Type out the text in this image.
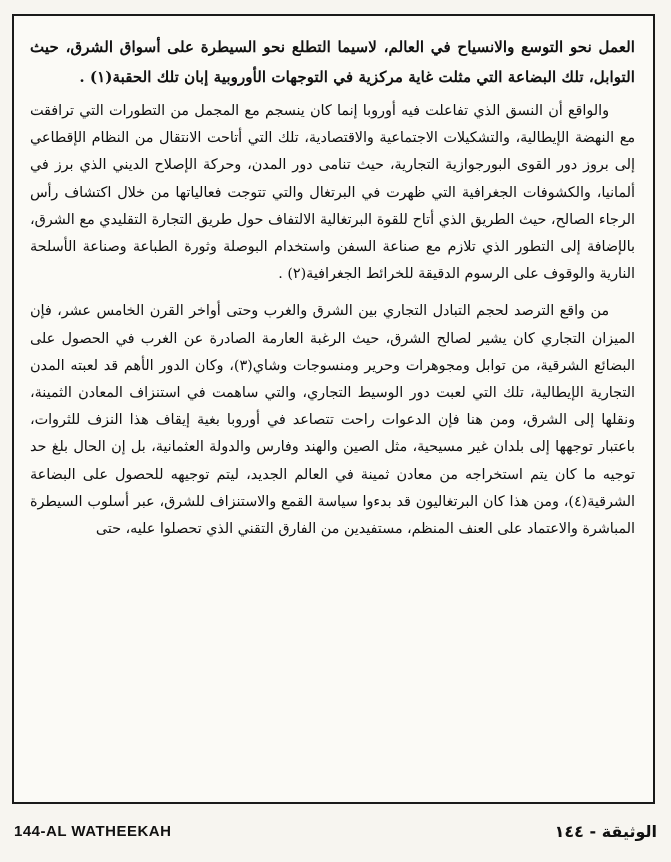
العمل نحو التوسع والانسياح في العالم، لاسيما التطلع نحو السيطرة على أسواق الشرق، حيث التوابل، تلك البضاعة التي مثلت غاية مركزية في التوجهات الأوروبية إبان تلك الحقبة(١) .

والواقع أن النسق الذي تفاعلت فيه أوروبا إنما كان ينسجم مع المجمل من التطورات التي ترافقت مع النهضة الإيطالية، والتشكيلات الاجتماعية والاقتصادية، تلك التي أتاحت الانتقال من النظام الإقطاعي إلى بروز دور القوى البورجوازية التجارية، حيث تنامى دور المدن، وحركة الإصلاح الديني الذي برز في ألمانيا، والكشوفات الجغرافية التي ظهرت في البرتغال والتي تتوجت فعالياتها من خلال اكتشاف رأس الرجاء الصالح، حيث الطريق الذي أتاح للقوة البرتغالية الالتفاف حول طريق التجارة التقليدي مع الشرق، بالإضافة إلى التطور الذي تلازم مع صناعة السفن واستخدام البوصلة وثورة الطباعة وصناعة الأسلحة النارية والوقوف على الرسوم الدقيقة للخرائط الجغرافية(٢) .

من واقع الترصد لحجم التبادل التجاري بين الشرق والغرب وحتى أواخر القرن الخامس عشر، فإن الميزان التجاري كان يشير لصالح الشرق، حيث الرغبة العارمة الصادرة عن الغرب في الحصول على البضائع الشرقية، من توابل ومجوهرات وحرير ومنسوجات وشاي(٣)، وكان الدور الأهم قد لعبته المدن التجارية الإيطالية، تلك التي لعبت دور الوسيط التجاري، والتي ساهمت في استنزاف المعادن الثمينة، ونقلها إلى الشرق، ومن هنا فإن الدعوات راحت تتصاعد في أوروبا بغية إيقاف هذا النزف للثروات، باعتبار توجهها إلى بلدان غير مسيحية، مثل الصين والهند وفارس والدولة العثمانية، بل إن الحال بلغ حد توجيه ما كان يتم استخراجه من معادن ثمينة في العالم الجديد، ليتم توجيهه للحصول على البضاعة الشرقية(٤)، ومن هذا كان البرتغاليون قد بدءوا سياسة القمع والاستنزاف للشرق، عبر أسلوب السيطرة المباشرة والاعتماد على العنف المنظم، مستفيدين من الفارق التقني الذي تحصلوا عليه، حتى

144-AL WATHEEKAH	الوثيقة - ١٤٤
